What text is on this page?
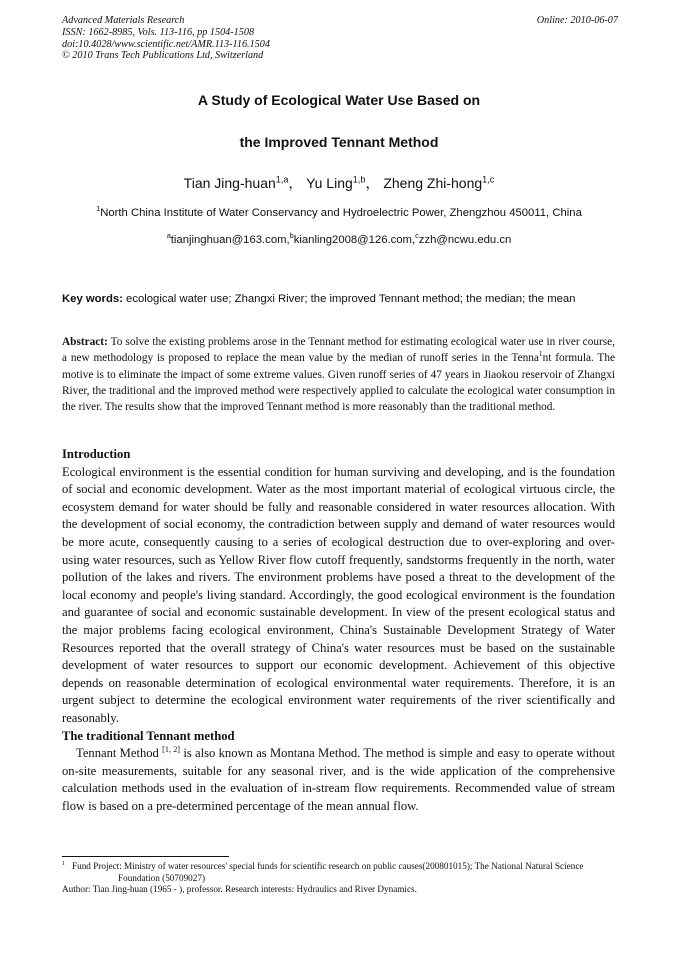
Advanced Materials Research
ISSN: 1662-8985, Vols. 113-116, pp 1504-1508
doi:10.4028/www.scientific.net/AMR.113-116.1504
© 2010 Trans Tech Publications Ltd, Switzerland
Online: 2010-06-07
A Study of Ecological Water Use Based on
the Improved Tennant Method
Tian Jing-huan$^{1,a}$， Yu Ling$^{1,b}$， Zheng Zhi-hong$^{1,c}$
$^1$North China Institute of Water Conservancy and Hydroelectric Power, Zhengzhou 450011, China
$^a$tianjinghuan@163.com,$^b$kianling2008@126.com,$^c$zzh@ncwu.edu.cn
Key words: ecological water use; Zhangxi River; the improved Tennant method; the median; the mean
Abstract: To solve the existing problems arose in the Tennant method for estimating ecological water use in river course, a new methodology is proposed to replace the mean value by the median of runoff series in the Tenna$^1$nt formula. The motive is to eliminate the impact of some extreme values. Given runoff series of 47 years in Jiaokou reservoir of Zhangxi River, the traditional and the improved method were respectively applied to calculate the ecological water consumption in the river. The results show that the improved Tennant method is more reasonably than the traditional method.
Introduction

Ecological environment is the essential condition for human surviving and developing, and is the foundation of social and economic development. Water as the most important material of ecological virtuous circle, the ecosystem demand for water should be fully and reasonable considered in water resources allocation. With the development of social economy, the contradiction between supply and demand of water resources would be more acute, consequently causing to a series of ecological destruction due to over-exploring and over-using water resources, such as Yellow River flow cutoff frequently, sandstorms frequently in the north, water pollution of the lakes and rivers. The environment problems have posed a threat to the development of the local economy and people's living standard. Accordingly, the good ecological environment is the foundation and guarantee of social and economic sustainable development. In view of the present ecological status and the major problems facing ecological environment, China's Sustainable Development Strategy of Water Resources reported that the overall strategy of China's water resources must be based on the sustainable development of water resources to support our economic development. Achievement of this objective depends on reasonable determination of ecological environmental water requirements. Therefore, it is an urgent subject to determine the ecological environment water requirements of the river scientifically and reasonably.

The traditional Tennant method

Tennant Method [1, 2] is also known as Montana Method. The method is simple and easy to operate without on-site measurements, suitable for any seasonal river, and is the wide application of the comprehensive calculation methods used in the evaluation of in-stream flow requirements. Recommended value of stream flow is based on a pre-determined percentage of the mean annual flow.

$^1$ Fund Project: Ministry of water resources' special funds for scientific research on public causes(200801015); The National Natural Science Foundation (50709027)
Author: Tian Jing-huan (1965 - ), professor. Research interests: Hydraulics and River Dynamics.
